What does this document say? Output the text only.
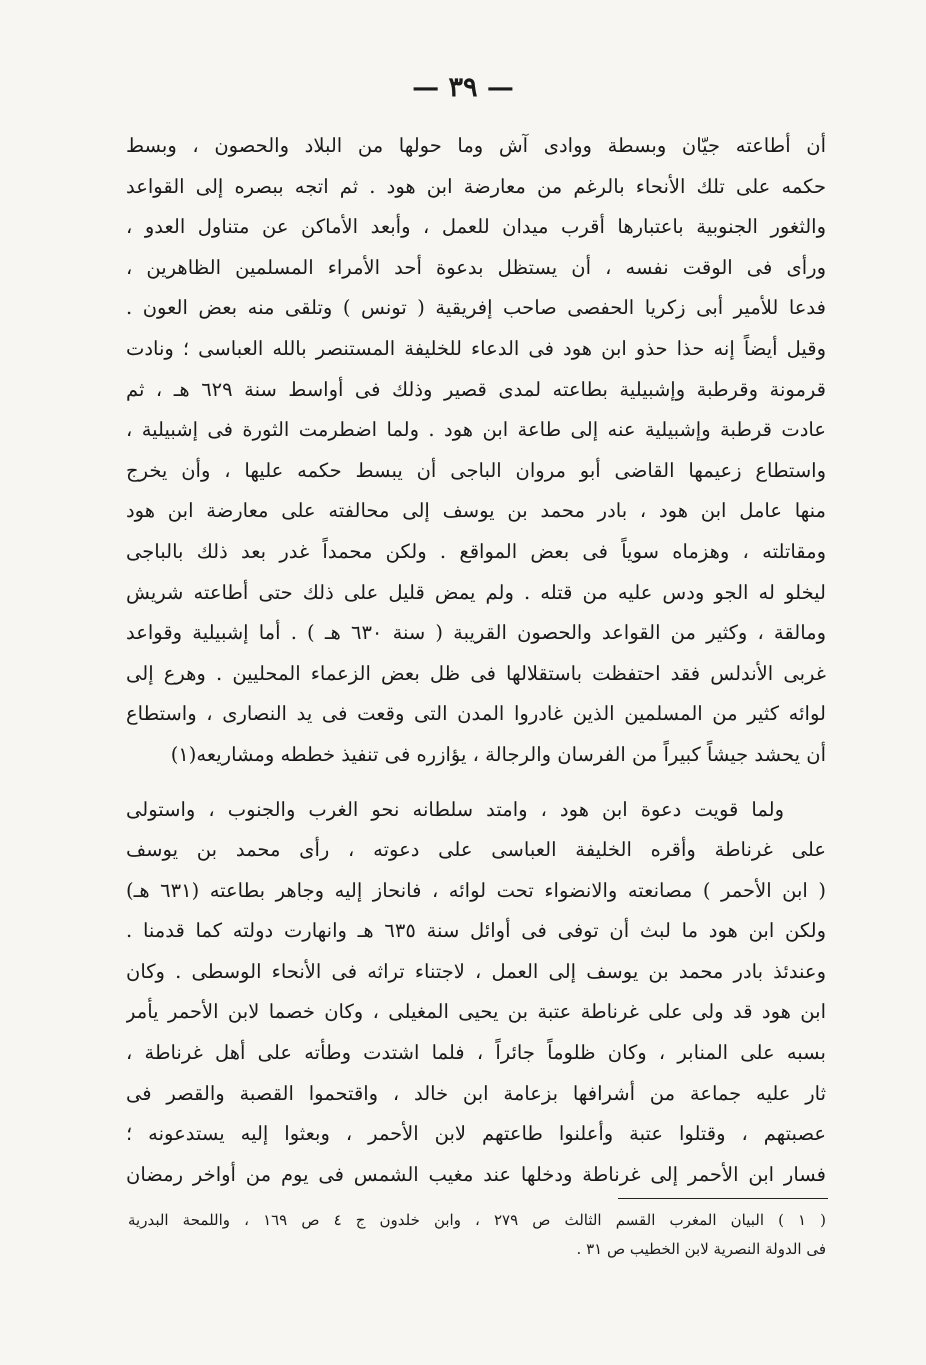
— ٣٩ —
أن أطاعته جيّان وبسطة ووادى آش وما حولها من البلاد والحصون ، وبسط
حكمه على تلك الأنحاء بالرغم من معارضة ابن هود . ثم اتجه ببصره إلى القواعد
والثغور الجنوبية باعتبارها أقرب ميدان للعمل ، وأبعد الأماكن عن متناول العدو ،
ورأى فى الوقت نفسه ، أن يستظل بدعوة أحد الأمراء المسلمين الظاهرين ،
فدعا للأمير أبى زكريا الحفصى صاحب إفريقية ( تونس ) وتلقى منه بعض العون .
وقيل أيضاً إنه حذا حذو ابن هود فى الدعاء للخليفة المستنصر بالله العباسى ؛ ونادت
قرمونة وقرطبة وإشبيلية بطاعته لمدى قصير وذلك فى أواسط سنة ٦٢٩ هـ ، ثم
عادت قرطبة وإشبيلية عنه إلى طاعة ابن هود . ولما اضطرمت الثورة فى إشبيلية ،
واستطاع زعيمها القاضى أبو مروان الباجى أن يبسط حكمه عليها ، وأن يخرج
منها عامل ابن هود ، بادر محمد بن يوسف إلى محالفته على معارضة ابن هود
ومقاتلته ، وهزماه سوياً فى بعض المواقع . ولكن محمداً غدر بعد ذلك بالباجى
ليخلو له الجو ودس عليه من قتله . ولم يمض قليل على ذلك حتى أطاعته شريش
ومالقة ، وكثير من القواعد والحصون القريبة ( سنة ٦٣٠ هـ ) . أما إشبيلية وقواعد
غربى الأندلس فقد احتفظت باستقلالها فى ظل بعض الزعماء المحليين . وهرع إلى
لوائه كثير من المسلمين الذين غادروا المدن التى وقعت فى يد النصارى ، واستطاع
أن يحشد جيشاً كبيراً من الفرسان والرجالة ، يؤازره فى تنفيذ خططه ومشاريعه(١)
ولما قويت دعوة ابن هود ، وامتد سلطانه نحو الغرب والجنوب ، واستولى
على غرناطة وأقره الخليفة العباسى على دعوته ، رأى محمد بن يوسف
( ابن الأحمر ) مصانعته والانضواء تحت لوائه ، فانحاز إليه وجاهر بطاعته (٦٣١ هـ)
ولكن ابن هود ما لبث أن توفى فى أوائل سنة ٦٣٥ هـ وانهارت دولته كما قدمنا .
وعندئذ بادر محمد بن يوسف إلى العمل ، لاجتناء تراثه فى الأنحاء الوسطى . وكان
ابن هود قد ولى على غرناطة عتبة بن يحيى المغيلى ، وكان خصما لابن الأحمر يأمر
بسبه على المنابر ، وكان ظلوماً جائراً ، فلما اشتدت وطأته على أهل غرناطة ،
ثار عليه جماعة من أشرافها بزعامة ابن خالد ، واقتحموا القصبة والقصر فى
عصبتهم ، وقتلوا عتبة وأعلنوا طاعتهم لابن الأحمر ، وبعثوا إليه يستدعونه ؛
فسار ابن الأحمر إلى غرناطة ودخلها عند مغيب الشمس فى يوم من أواخر رمضان
( ١ ) البيان المغرب القسم الثالث ص ٢٧٩ ، وابن خلدون ج ٤ ص ١٦٩ ، واللمحة البدرية
فى الدولة النصرية لابن الخطيب ص ٣١ .
